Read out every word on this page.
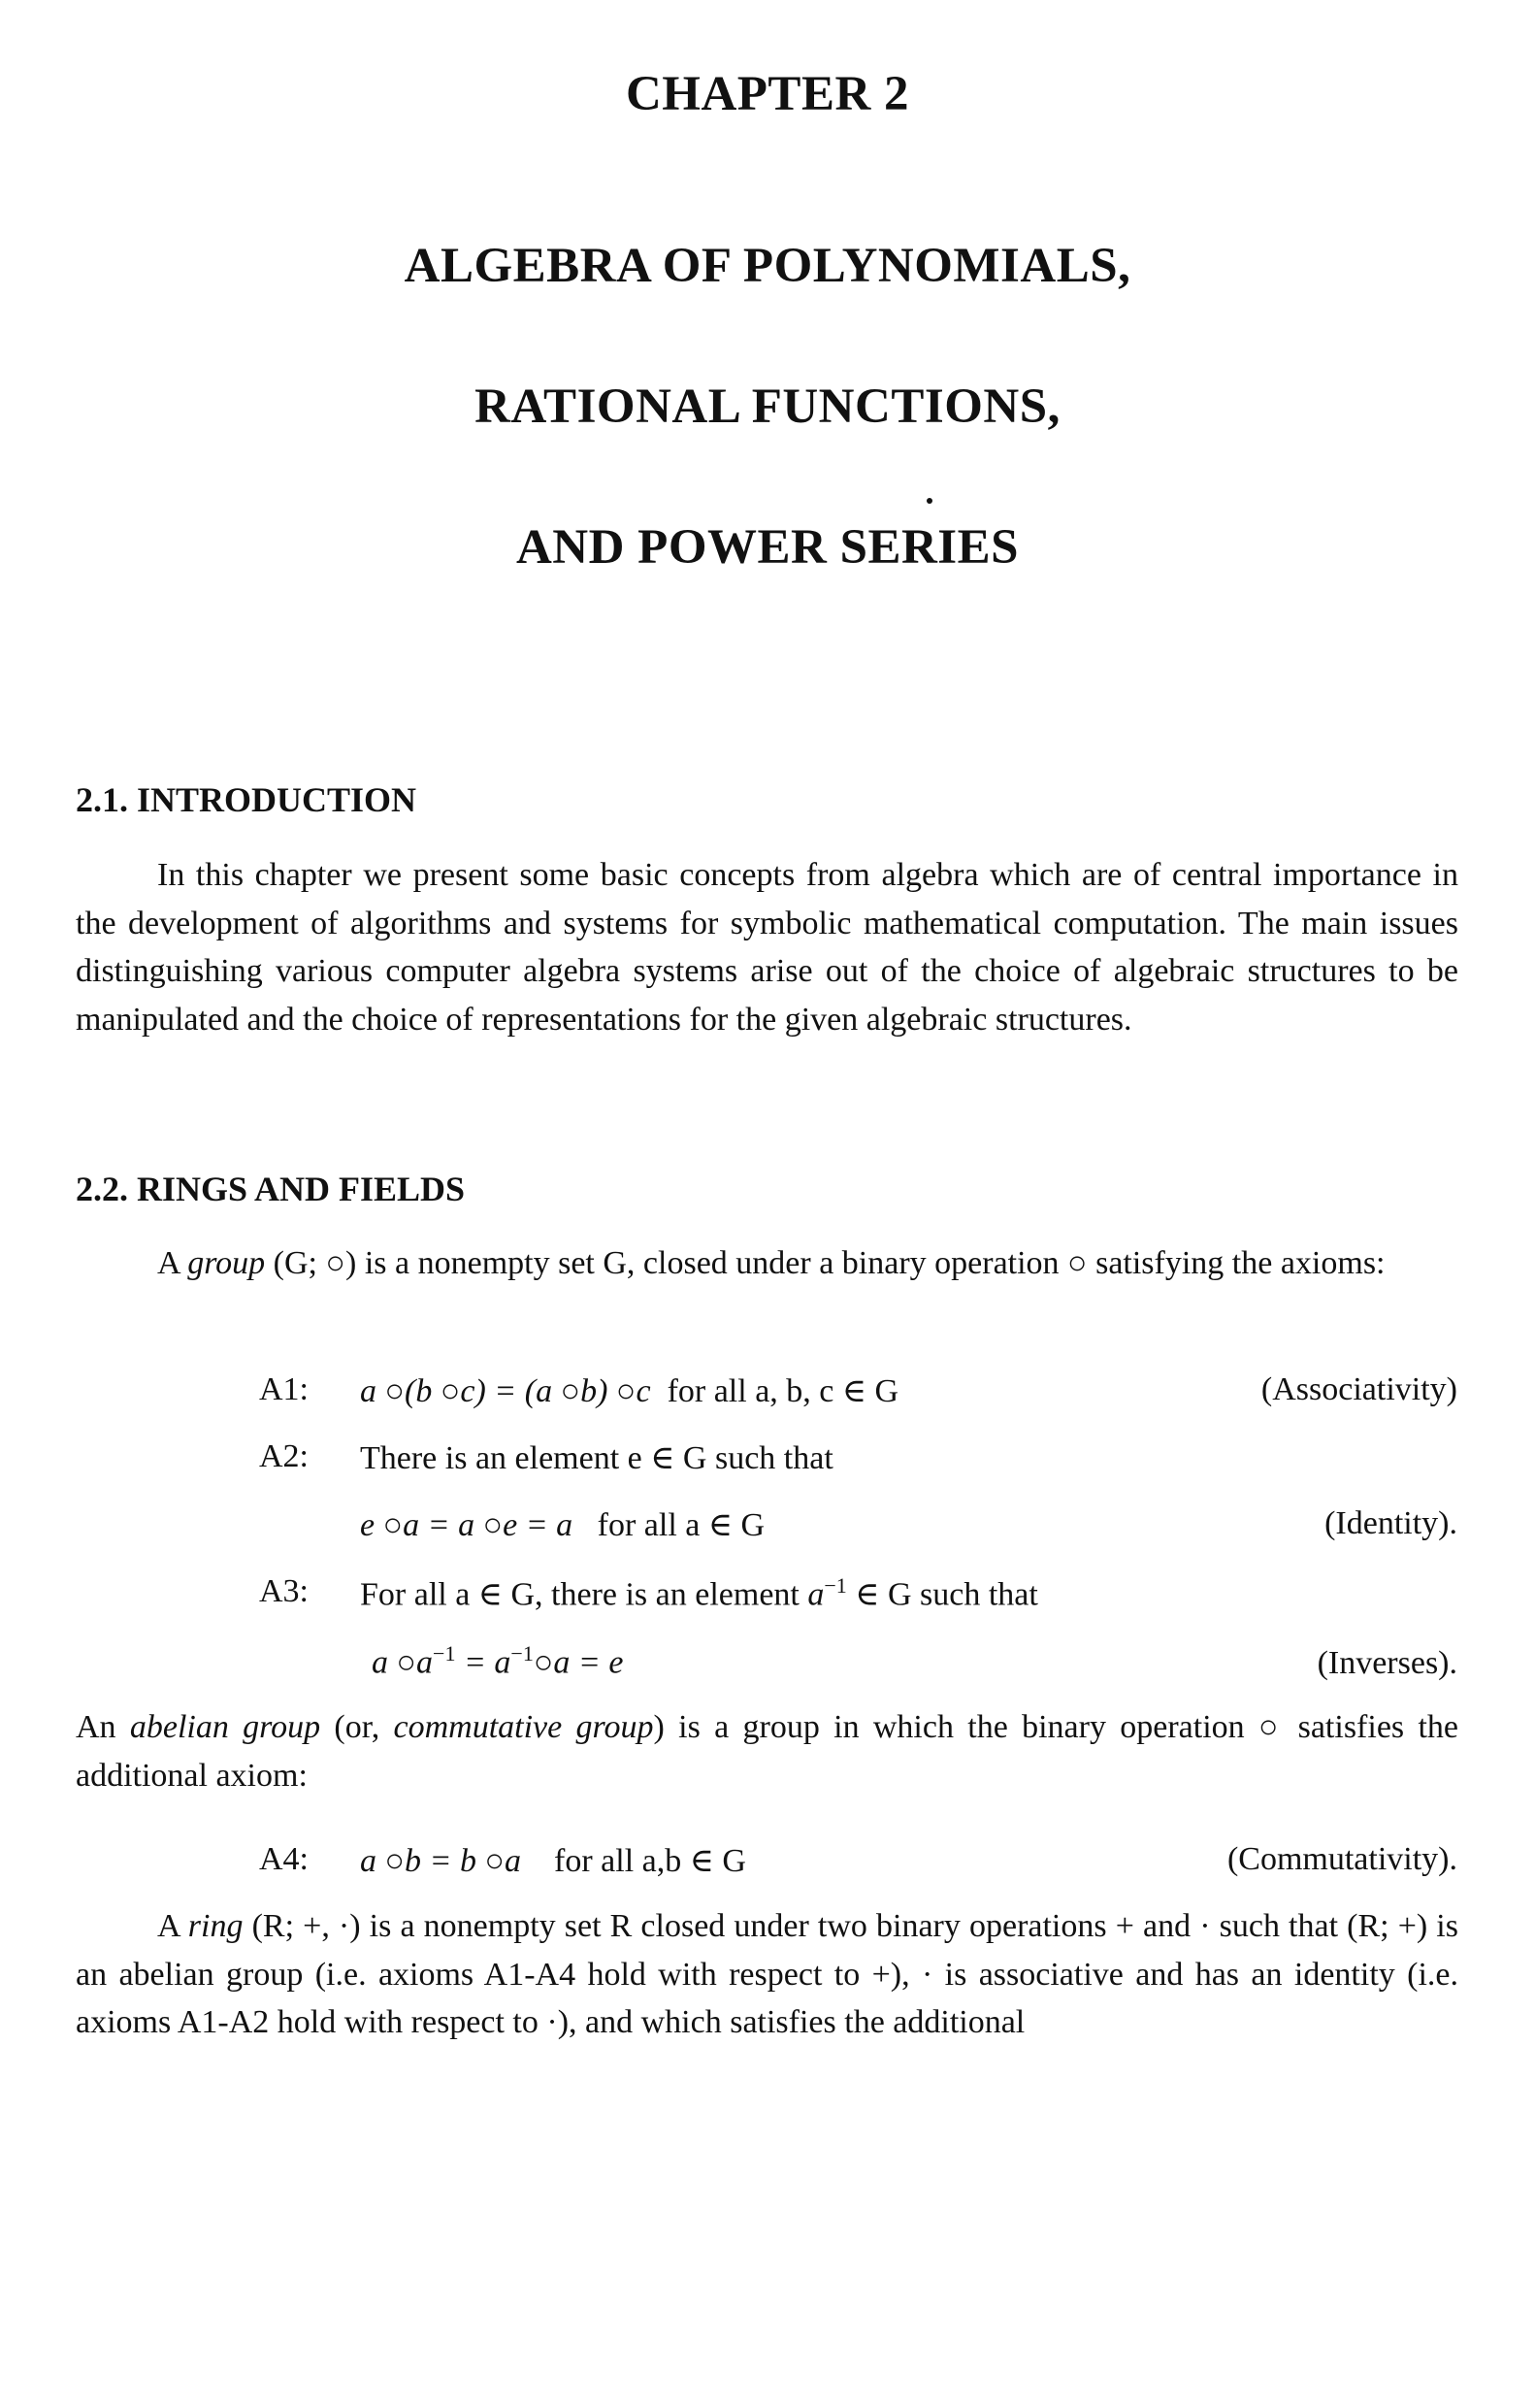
CHAPTER 2
ALGEBRA OF POLYNOMIALS,
RATIONAL FUNCTIONS,
AND POWER SERIES
2.1. INTRODUCTION

In this chapter we present some basic concepts from algebra which are of central importance in the development of algorithms and systems for symbolic mathematical computation. The main issues distinguishing various computer algebra systems arise out of the choice of algebraic structures to be manipulated and the choice of representations for the given algebraic structures.

2.2. RINGS AND FIELDS

A group (G; ○) is a nonempty set G, closed under a binary operation ○ satisfying the axioms:

A1: a ○(b ○c) = (a ○b) ○c for all a, b, c ∈ G	(Associativity)
A2: There is an element e ∈ G such that
e ○a = a ○e = a for all a ∈ G	(Identity).
A3: For all a ∈ G, there is an element $a^{-1}$ ∈ G such that
a $○a^{-1}$ = $a^{-1}○a = e$	(Inverses).

An abelian group (or, commutative group) is a group in which the binary operation ○ satisfies the additional axiom:

A4: a ○b = b ○a for all a,b ∈ G	(Commutativity).

A ring (R; +, ·) is a nonempty set R closed under two binary operations + and · such that (R; +) is an abelian group (i.e. axioms A1-A4 hold with respect to +), · is associative and has an identity (i.e. axioms A1-A2 hold with respect to ·), and which satisfies the additional
